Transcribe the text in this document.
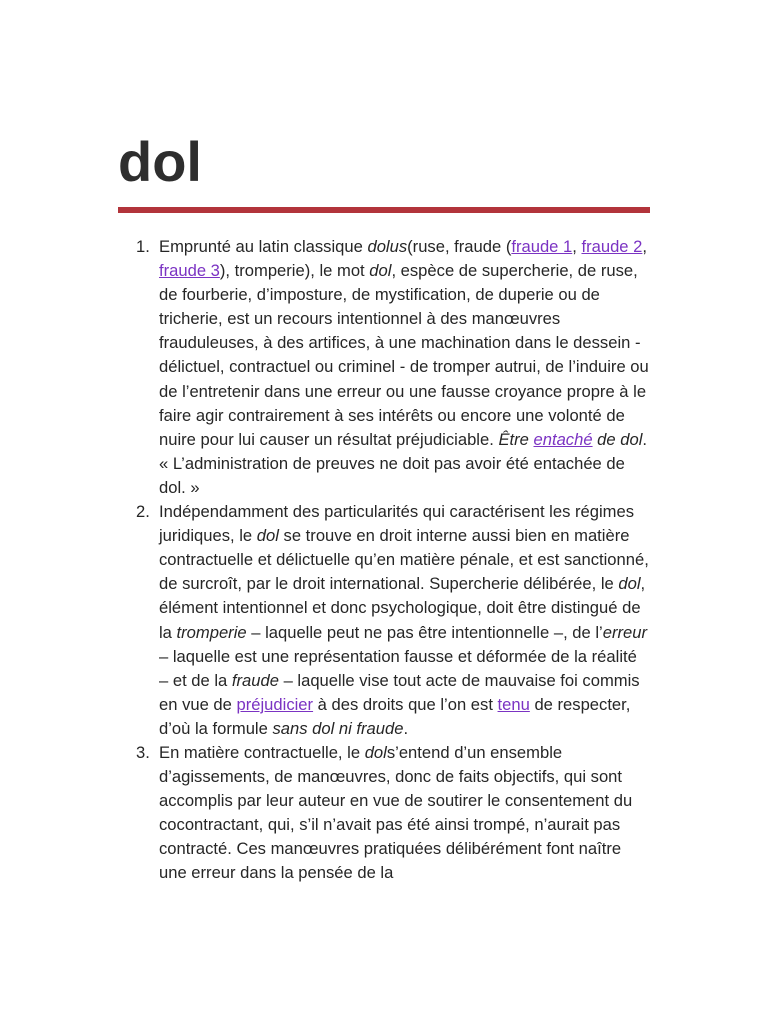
dol
1. Emprunté au latin classique dolus(ruse, fraude (fraude 1, fraude 2, fraude 3), tromperie), le mot dol, espèce de supercherie, de ruse, de fourberie, d’imposture, de mystification, de duperie ou de tricherie, est un recours intentionnel à des manœuvres frauduleuses, à des artifices, à une machination dans le dessein - délictuel, contractuel ou criminel - de tromper autrui, de l’induire ou de l’entretenir dans une erreur ou une fausse croyance propre à le faire agir contrairement à ses intérêts ou encore une volonté de nuire pour lui causer un résultat préjudiciable. Être entaché de dol. « L’administration de preuves ne doit pas avoir été entachée de dol. »
2. Indépendamment des particularités qui caractérisent les régimes juridiques, le dol se trouve en droit interne aussi bien en matière contractuelle et délictuelle qu’en matière pénale, et est sanctionné, de surcroît, par le droit international. Supercherie délibérée, le dol, élément intentionnel et donc psychologique, doit être distingué de la tromperie – laquelle peut ne pas être intentionnelle –, de l’erreur – laquelle est une représentation fausse et déformée de la réalité – et de la fraude – laquelle vise tout acte de mauvaise foi commis en vue de préjudicier à des droits que l’on est tenu de respecter, d’où la formule sans dol ni fraude.
3. En matière contractuelle, le dols’entend d’un ensemble d’agissements, de manœuvres, donc de faits objectifs, qui sont accomplis par leur auteur en vue de soutirer le consentement du cocontractant, qui, s’il n’avait pas été ainsi trompé, n’aurait pas contracté. Ces manœuvres pratiquées délibérément font naître une erreur dans la pensée de la
